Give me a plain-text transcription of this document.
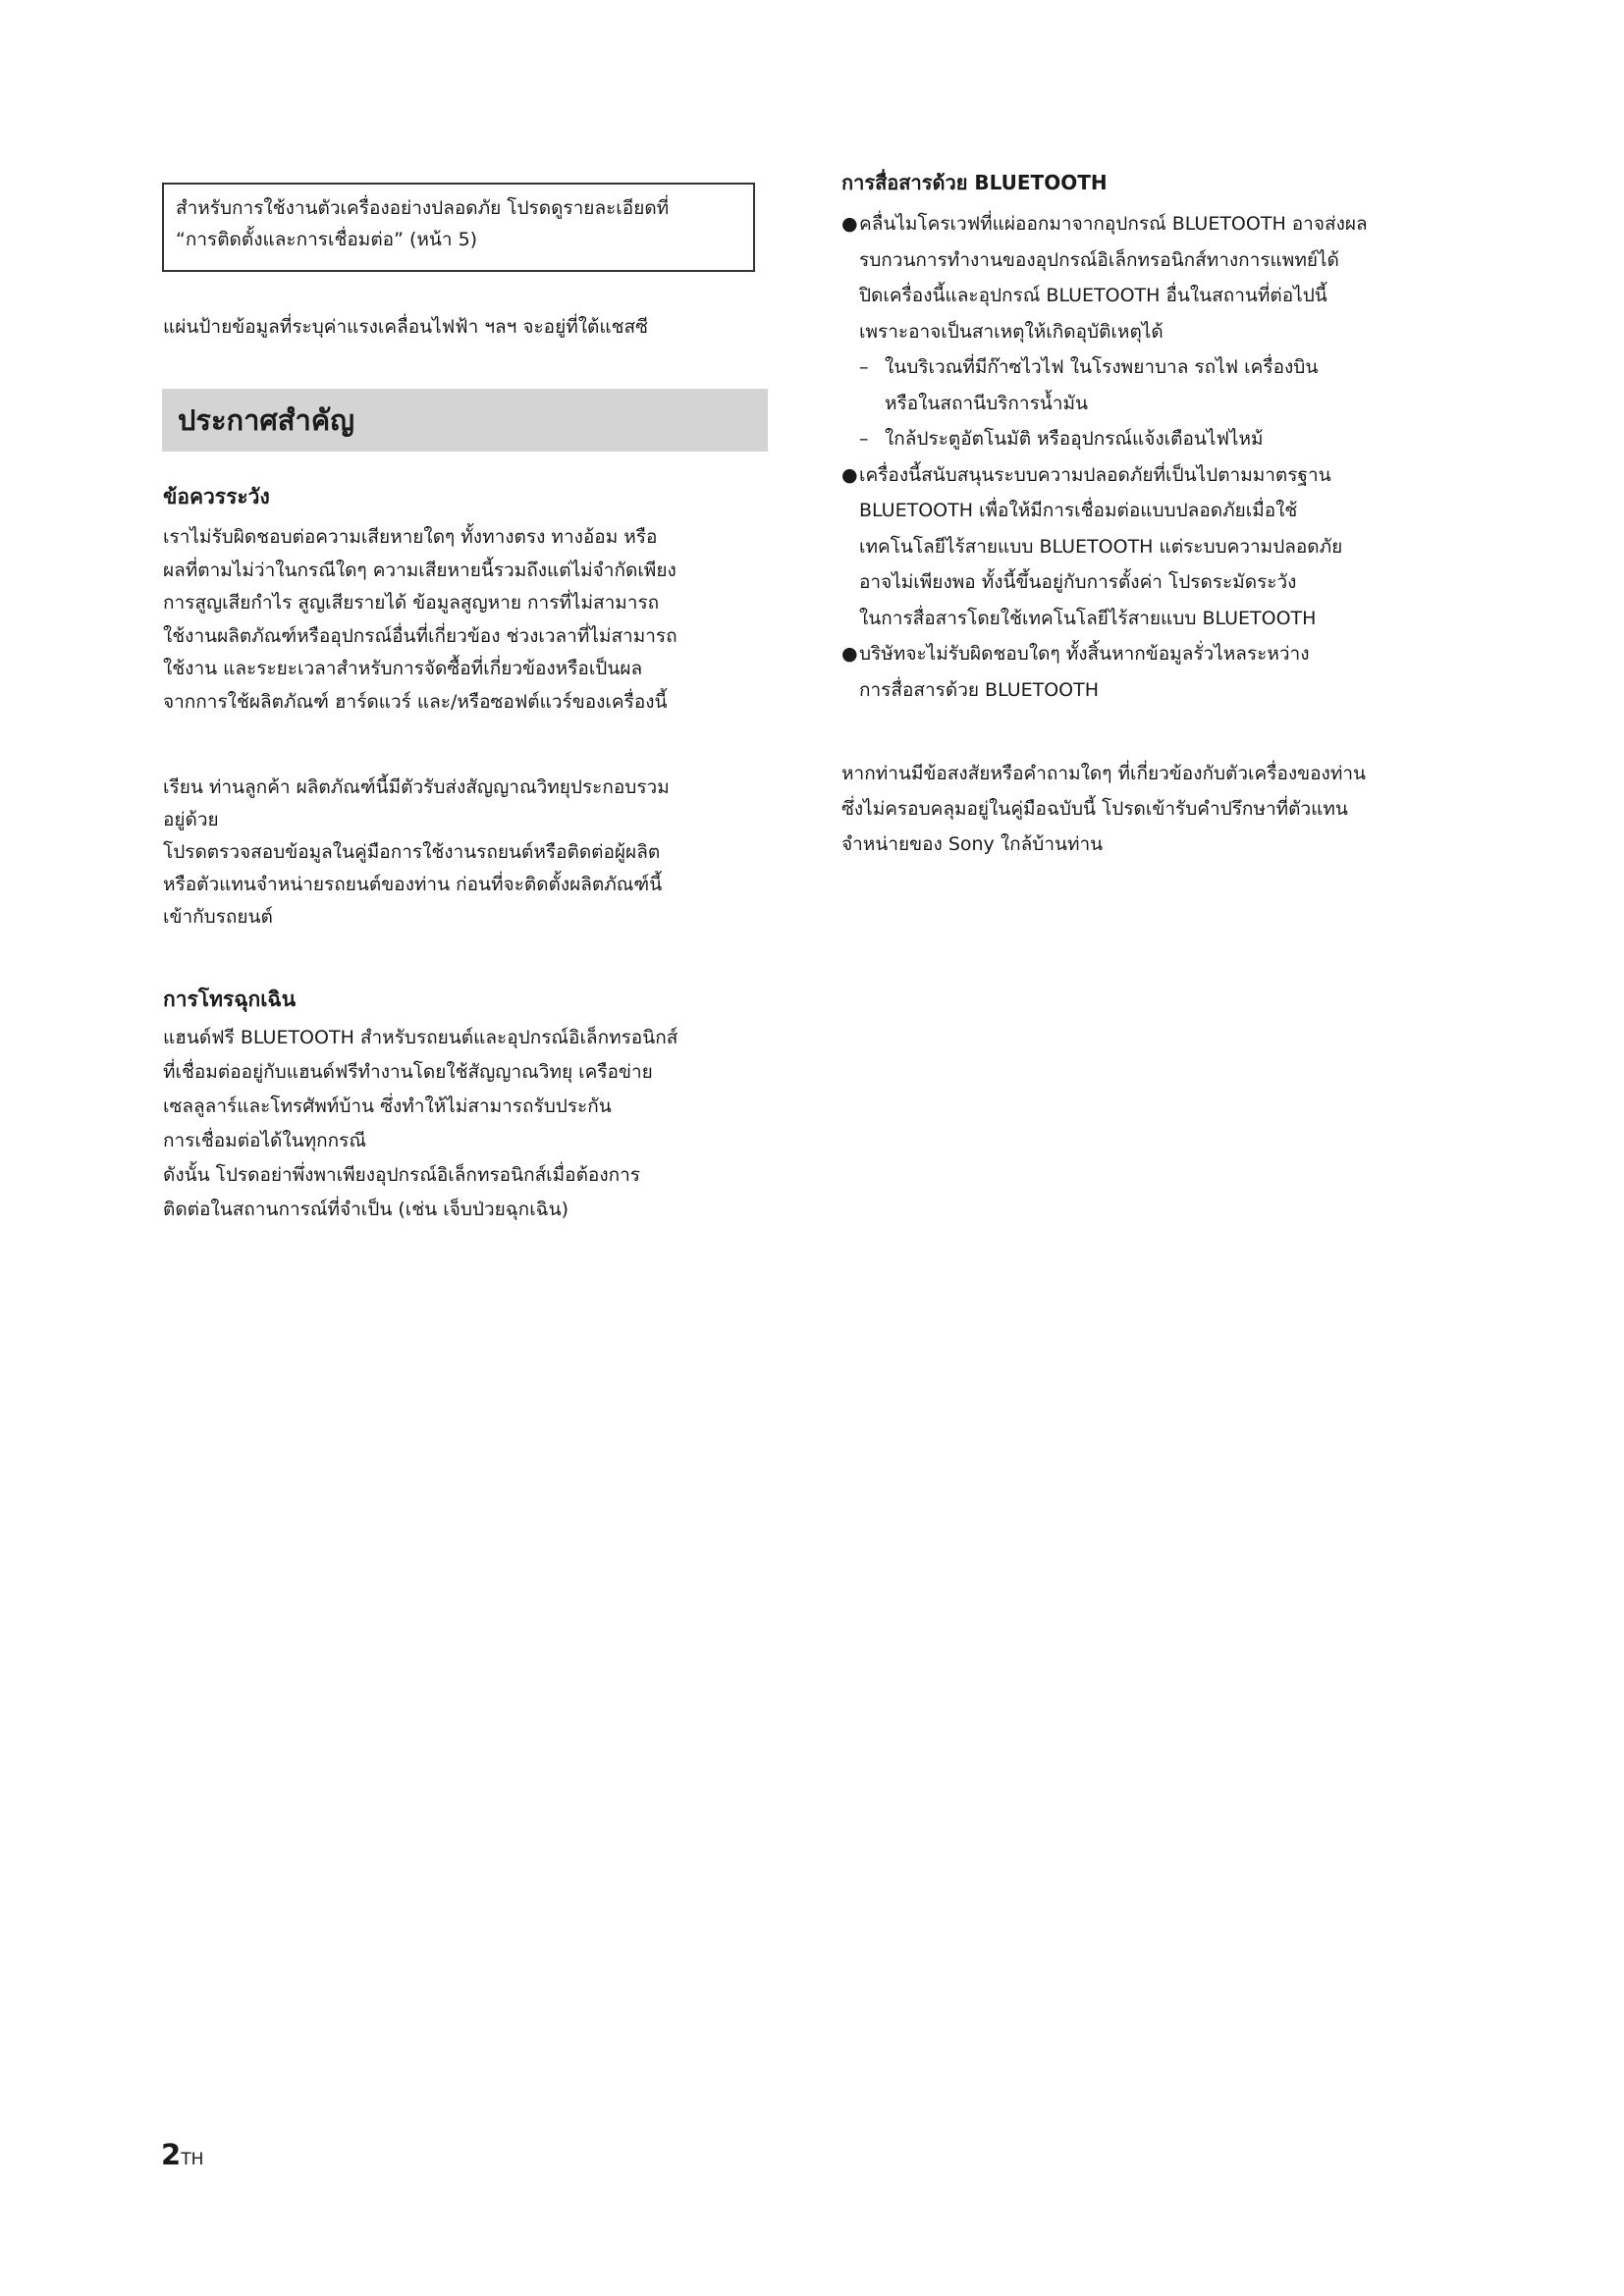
สำหรับการใช้งานตัวเครื่องอย่างปลอดภัย โปรดดูรายละเอียดที่
“การติดตั้งและการเชื่อมต่อ” (หน้า 5)
แผ่นป้ายข้อมูลที่ระบุค่าแรงเคลื่อนไฟฟ้า ฯลฯ จะอยู่ที่ใต้แชสซี
ประกาศสำคัญ
ข้อควรระวัง
เราไม่รับผิดชอบต่อความเสียหายใดๆ ทั้งทางตรง ทางอ้อม หรือ
ผลที่ตามไม่ว่าในกรณีใดๆ ความเสียหายนี้รวมถึงแต่ไม่จำกัดเพียง
การสูญเสียกำไร สูญเสียรายได้ ข้อมูลสูญหาย การที่ไม่สามารถ
ใช้งานผลิตภัณฑ์หรืออุปกรณ์อื่นที่เกี่ยวข้อง ช่วงเวลาที่ไม่สามารถ
ใช้งาน และระยะเวลาสำหรับการจัดซื้อที่เกี่ยวข้องหรือเป็นผล
จากการใช้ผลิตภัณฑ์ ฮาร์ดแวร์ และ/หรือซอฟต์แวร์ของเครื่องนี้
เรียน ท่านลูกค้า ผลิตภัณฑ์นี้มีตัวรับส่งสัญญาณวิทยุประกอบรวม
อยู่ด้วย
โปรดตรวจสอบข้อมูลในคู่มือการใช้งานรถยนต์หรือติดต่อผู้ผลิต
หรือตัวแทนจำหน่ายรถยนต์ของท่าน ก่อนที่จะติดตั้งผลิตภัณฑ์นี้
เข้ากับรถยนต์
การโทรฉุกเฉิน
แฮนด์ฟรี BLUETOOTH สำหรับรถยนต์และอุปกรณ์อิเล็กทรอนิกส์
ที่เชื่อมต่ออยู่กับแฮนด์ฟรีทำงานโดยใช้สัญญาณวิทยุ เครือข่าย
เซลลูลาร์และโทรศัพท์บ้าน ซึ่งทำให้ไม่สามารถรับประกัน
การเชื่อมต่อได้ในทุกกรณี
ดังนั้น โปรดอย่าพึ่งพาเพียงอุปกรณ์อิเล็กทรอนิกส์เมื่อต้องการ
ติดต่อในสถานการณ์ที่จำเป็น (เช่น เจ็บป่วยฉุกเฉิน)
2TH
การสื่อสารด้วย BLUETOOTH
● คลื่นไมโครเวฟที่แผ่ออกมาจากอุปกรณ์ BLUETOOTH อาจส่งผล
รบกวนการทำงานของอุปกรณ์อิเล็กทรอนิกส์ทางการแพทย์ได้
ปิดเครื่องนี้และอุปกรณ์ BLUETOOTH อื่นในสถานที่ต่อไปนี้
เพราะอาจเป็นสาเหตุให้เกิดอุบัติเหตุได้
– ในบริเวณที่มีก๊าซไวไฟ ในโรงพยาบาล รถไฟ เครื่องบิน
หรือในสถานีบริการน้ำมัน
– ใกล้ประตูอัตโนมัติ หรืออุปกรณ์แจ้งเตือนไฟไหม้
● เครื่องนี้สนับสนุนระบบความปลอดภัยที่เป็นไปตามมาตรฐาน
BLUETOOTH เพื่อให้มีการเชื่อมต่อแบบปลอดภัยเมื่อใช้
เทคโนโลยีไร้สายแบบ BLUETOOTH แต่ระบบความปลอดภัย
อาจไม่เพียงพอ ทั้งนี้ขึ้นอยู่กับการตั้งค่า โปรดระมัดระวัง
ในการสื่อสารโดยใช้เทคโนโลยีไร้สายแบบ BLUETOOTH
● บริษัทจะไม่รับผิดชอบใดๆ ทั้งสิ้นหากข้อมูลรั่วไหลระหว่าง
การสื่อสารด้วย BLUETOOTH
หากท่านมีข้อสงสัยหรือคำถามใดๆ ที่เกี่ยวข้องกับตัวเครื่องของท่าน
ซึ่งไม่ครอบคลุมอยู่ในคู่มือฉบับนี้ โปรดเข้ารับคำปรึกษาที่ตัวแทน
จำหน่ายของ Sony ใกล้บ้านท่าน
